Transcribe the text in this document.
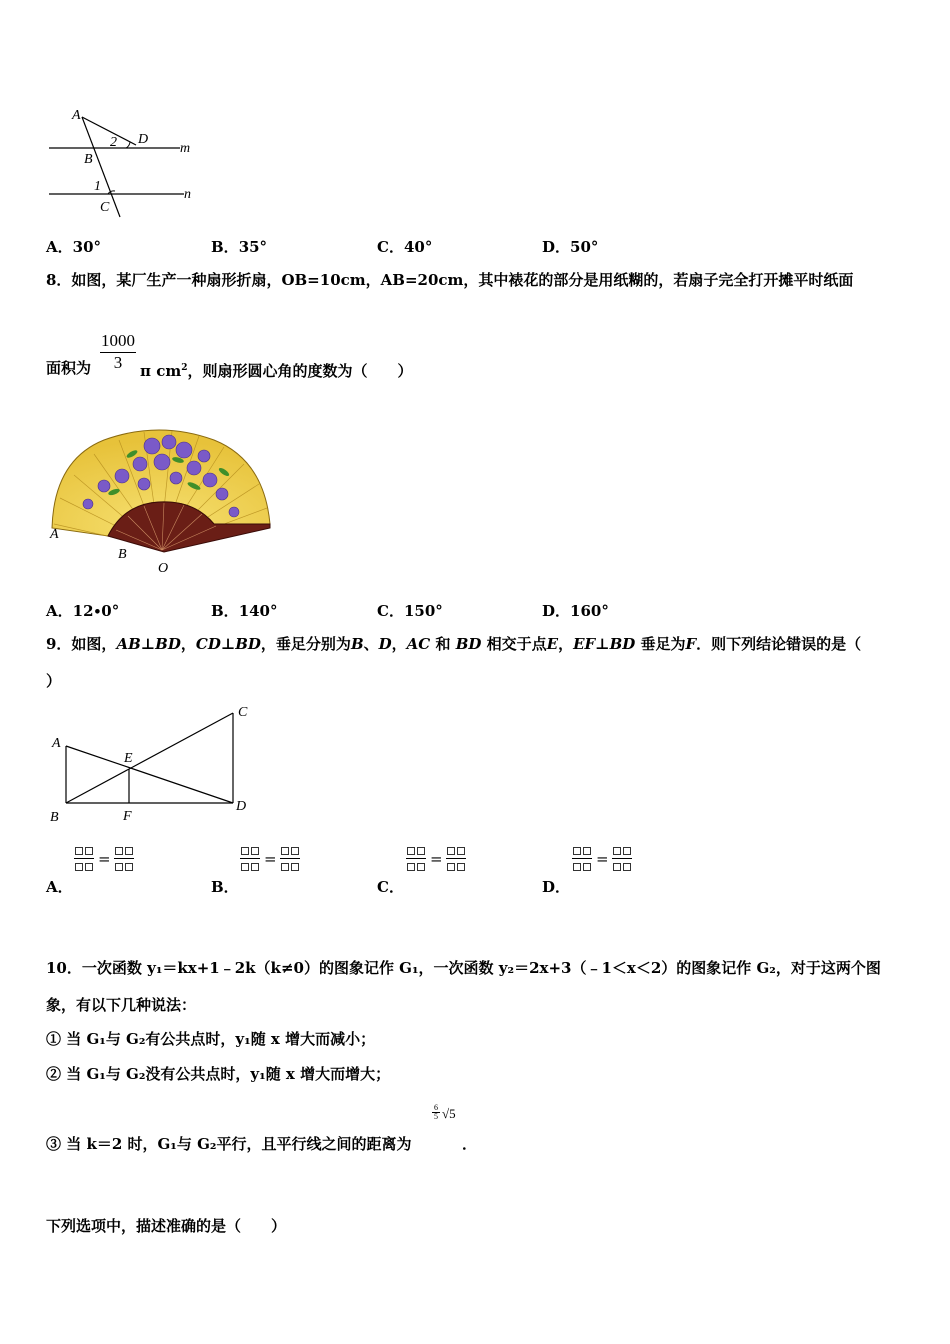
A
D
2	m
B
1
n
C
A．30°	B．35°	C．40°	D．50°
8．如图，某厂生产一种扇形折扇，OB=10cm，AB=20cm，其中裱花的部分是用纸糊的，若扇子完全打开摊平时纸面
面积为
1000
3	π $cm^2$，则扇形圆心角的度数为（　　）
A
B
O
A．12∙0°	B．140°	C．150°	D．160°
9．如图，AB⊥BD，CD⊥BD，垂足分别为B、D，AC 和 BD 相交于点E，EF⊥BD 垂足为F．则下列结论错误的是（
）
A
C
E
B	F
D
=
A．
=
B．
=
C．
=
D．
10．一次函数 y₁＝kx+1﹣2k（k≠0）的图象记作 G₁，一次函数 y₂＝2x+3（﹣1＜x＜2）的图象记作 G₂，对于这两个图
象，有以下几种说法：
① 当 G₁与 G₂有公共点时，y₁随 x 增大而减小；
② 当 G₁与 G₂没有公共点时，y₁随 x 增大而增大；
6
5 √5
③ 当 k＝2 时，G₁与 G₂平行，且平行线之间的距离为	．
下列选项中，描述准确的是（　　）
